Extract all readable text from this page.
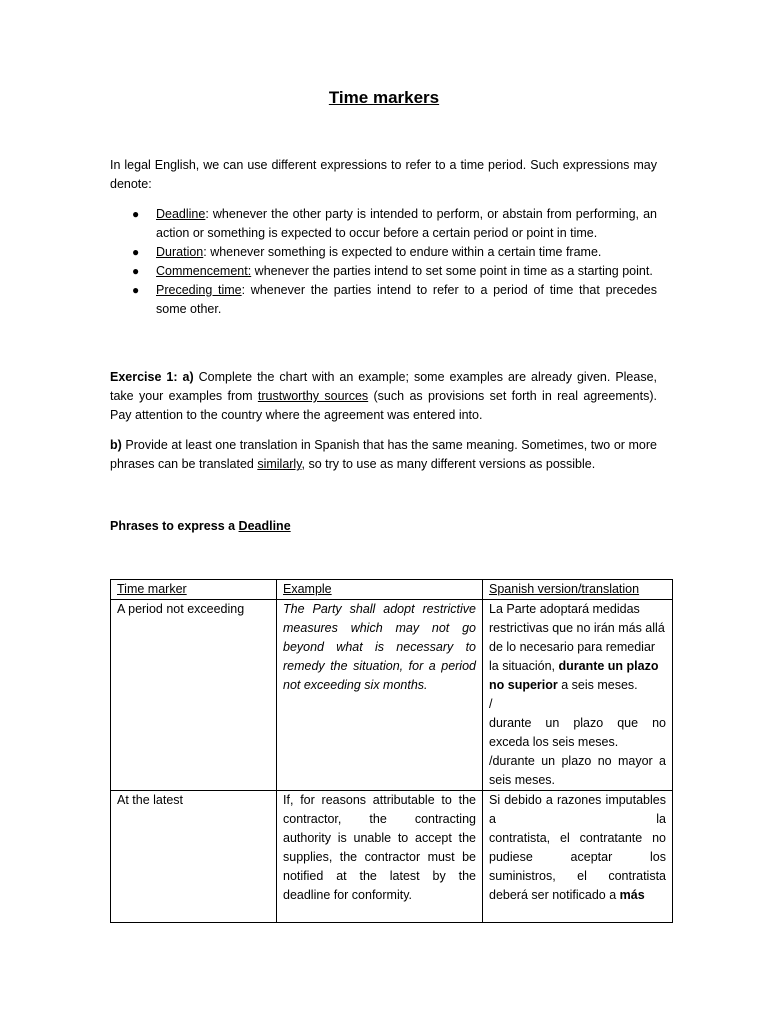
Time markers
In legal English, we can use different expressions to refer to a time period. Such expressions may denote:
● Deadline: whenever the other party is intended to perform, or abstain from performing, an action or something is expected to occur before a certain period or point in time.
● Duration: whenever something is expected to endure within a certain time frame.
● Commencement: whenever the parties intend to set some point in time as a starting point.
● Preceding time: whenever the parties intend to refer to a period of time that precedes some other.
Exercise 1: a) Complete the chart with an example; some examples are already given. Please, take your examples from trustworthy sources (such as provisions set forth in real agreements). Pay attention to the country where the agreement was entered into.
b) Provide at least one translation in Spanish that has the same meaning. Sometimes, two or more phrases can be translated similarly, so try to use as many different versions as possible.
Phrases to express a Deadline
Time marker	Example	Spanish version/translation
A period not exceeding	The Party shall adopt restrictive measures which may not go beyond what is necessary to remedy the situation, for a period not exceeding six months.	La Parte adoptará medidas restrictivas que no irán más allá de lo necesario para remediar la situación, durante un plazo no superior a seis meses.
/
durante un plazo que no exceda los seis meses.
/durante un plazo no mayor a seis meses.

At the latest	If, for reasons attributable to the contractor, the contracting authority is unable to accept the supplies, the contractor must be notified at the latest by the deadline for conformity.	Si debido a razones imputables a la
contratista, el contratante no pudiese aceptar los suministros, el contratista deberá ser notificado a más
